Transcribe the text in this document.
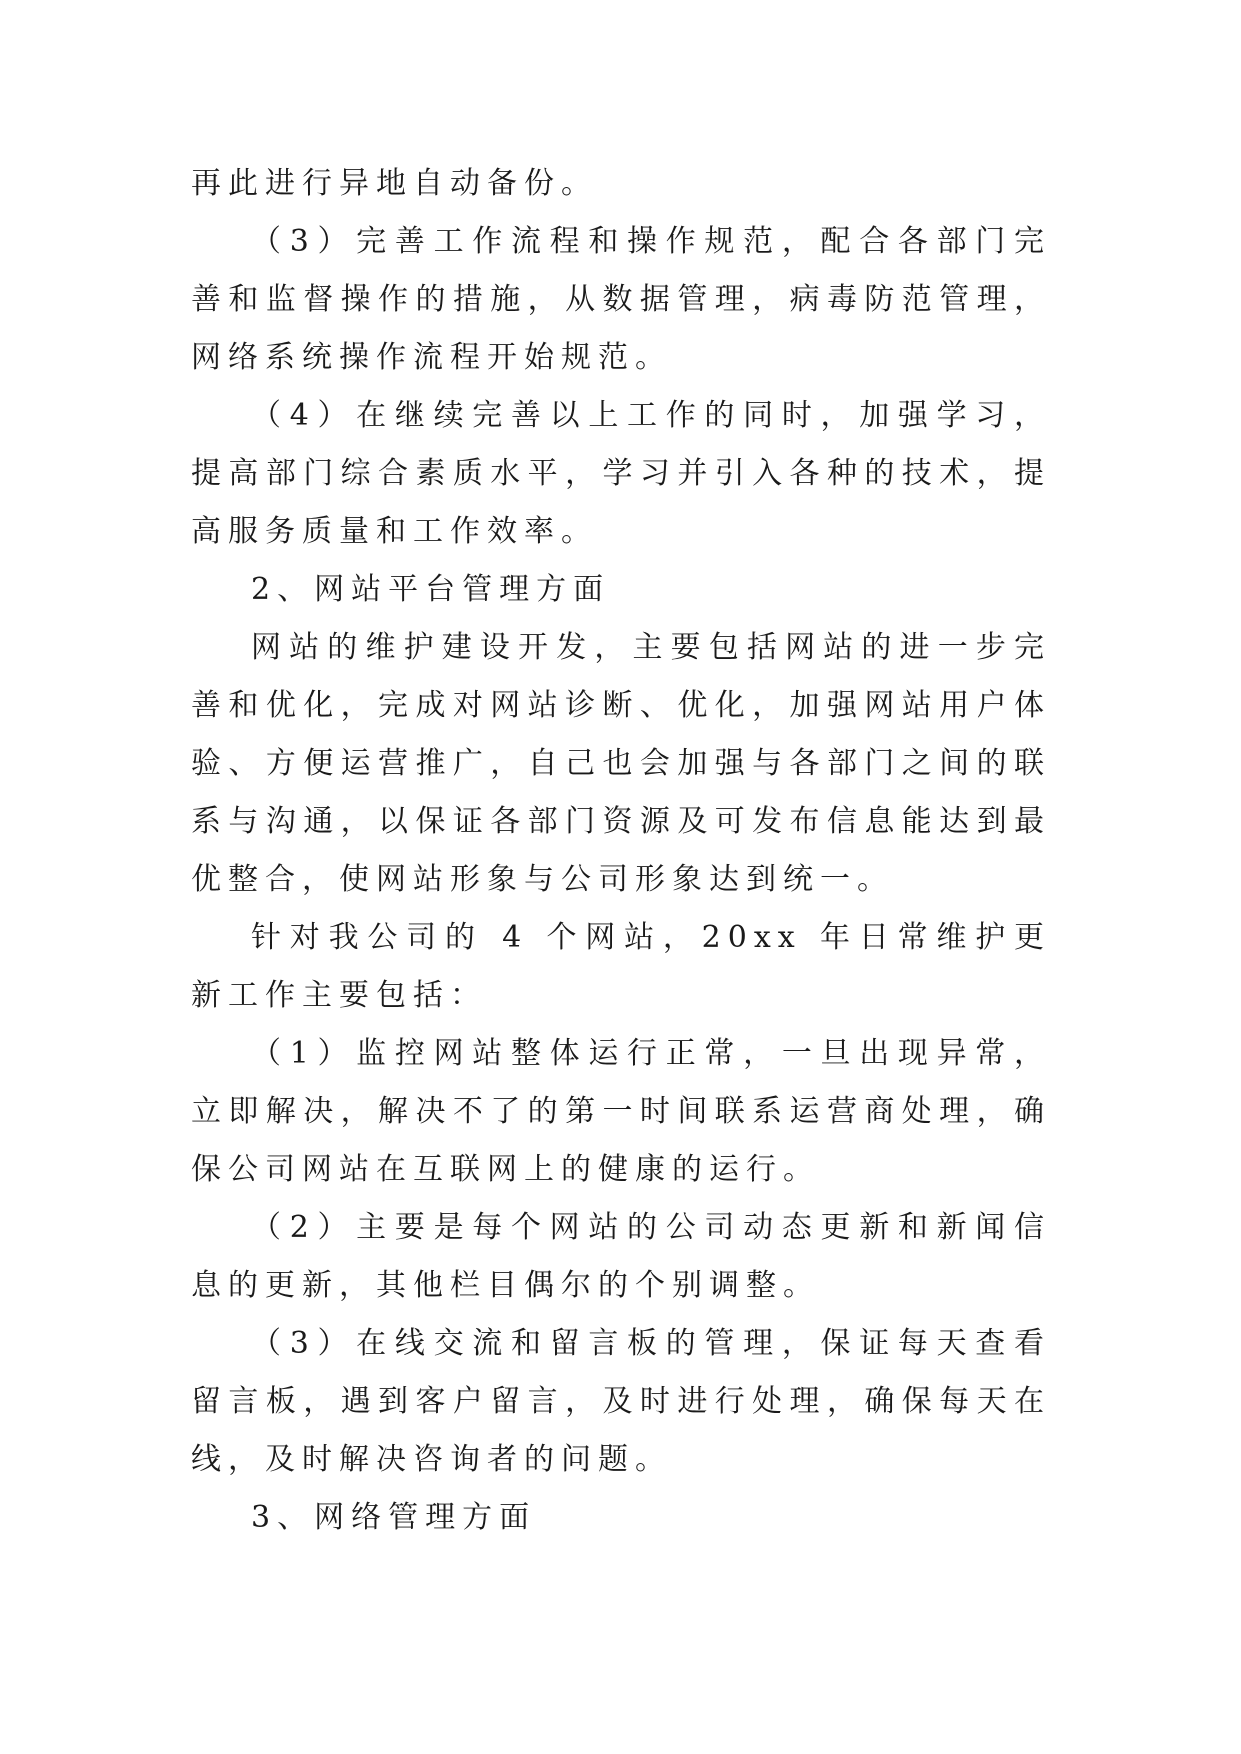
再此进行异地自动备份。

（3）完善工作流程和操作规范，配合各部门完善和监督操作的措施，从数据管理，病毒防范管理，网络系统操作流程开始规范。

（4）在继续完善以上工作的同时，加强学习，提高部门综合素质水平，学习并引入各种的技术，提高服务质量和工作效率。

2、网站平台管理方面

网站的维护建设开发，主要包括网站的进一步完善和优化，完成对网站诊断、优化，加强网站用户体验、方便运营推广，自己也会加强与各部门之间的联系与沟通，以保证各部门资源及可发布信息能达到最优整合，使网站形象与公司形象达到统一。

针对我公司的 4 个网站，20xx 年日常维护更新工作主要包括：

（1）监控网站整体运行正常，一旦出现异常，立即解决，解决不了的第一时间联系运营商处理，确保公司网站在互联网上的健康的运行。

（2）主要是每个网站的公司动态更新和新闻信息的更新，其他栏目偶尔的个别调整。

（3）在线交流和留言板的管理，保证每天查看留言板，遇到客户留言，及时进行处理，确保每天在线，及时解决咨询者的问题。

3、网络管理方面
